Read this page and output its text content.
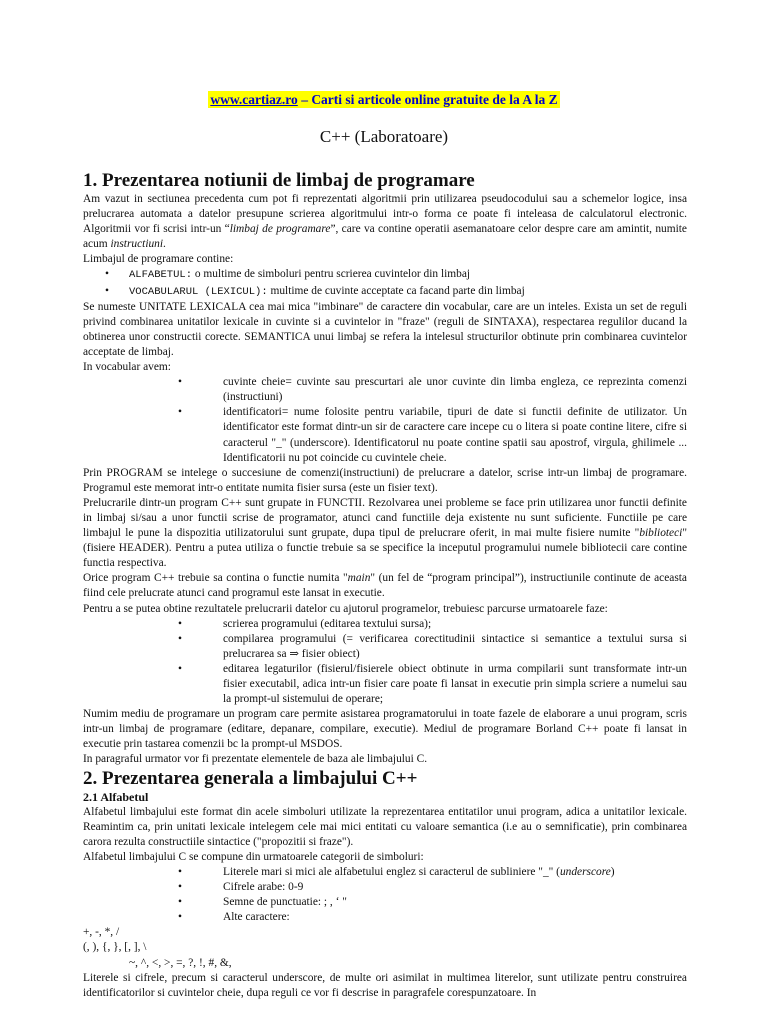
www.cartiaz.ro – Carti si articole online gratuite de la A la Z
C++ (Laboratoare)
1. Prezentarea notiunii de limbaj de programare

Am vazut in sectiunea precedenta cum pot fi reprezentati algoritmii prin utilizarea pseudocodului sau a schemelor logice, insa prelucrarea automata a datelor presupune scrierea algoritmului intr-o forma ce poate fi inteleasa de calculatorul electronic. Algoritmii vor fi scrisi intr-un “limbaj de programare”, care va contine operatii asemanatoare celor despre care am amintit, numite acum instructiuni.

Limbajul de programare contine:

• ALFABETUL: o multime de simboluri pentru scrierea cuvintelor din limbaj
• VOCABULARUL (LEXICUL): multime de cuvinte acceptate ca facand parte din limbaj

Se numeste UNITATE LEXICALA cea mai mica "imbinare" de caractere din vocabular, care are un inteles. Exista un set de reguli privind combinarea unitatilor lexicale in cuvinte si a cuvintelor in "fraze" (reguli de SINTAXA), respectarea regulilor ducand la obtinerea unor constructii corecte. SEMANTICA unui limbaj se refera la intelesul structurilor obtinute prin combinarea cuvintelor acceptate de limbaj.

In vocabular avem:

•	cuvinte cheie= cuvinte sau prescurtari ale unor cuvinte din limba engleza, ce reprezinta comenzi (instructiuni)
•	identificatori= nume folosite pentru variabile, tipuri de date si functii definite de utilizator. Un identificator este format dintr-un sir de caractere care incepe cu o litera si poate contine litere, cifre si caracterul "_" (underscore). Identificatorul nu poate contine spatii sau apostrof, virgula, ghilimele ... Identificatorii nu pot coincide cu cuvintele cheie.

Prin PROGRAM se intelege o succesiune de comenzi(instructiuni) de prelucrare a datelor, scrise intr-un limbaj de programare. Programul este memorat intr-o entitate numita fisier sursa (este un fisier text).

Prelucrarile dintr-un program C++ sunt grupate in FUNCTII. Rezolvarea unei probleme se face prin utilizarea unor functii definite in limbaj si/sau a unor functii scrise de programator, atunci cand functiile deja existente nu sunt suficiente. Functiile pe care limbajul le pune la dispozitia utilizatorului sunt grupate, dupa tipul de prelucrare oferit, in mai multe fisiere numite "biblioteci" (fisiere HEADER). Pentru a putea utiliza o functie trebuie sa se specifice la inceputul programului numele bibliotecii care contine functia respectiva.

Orice program C++ trebuie sa contina o functie numita "main" (un fel de “program principal”), instructiunile continute de aceasta fiind cele prelucrate atunci cand programul este lansat in executie.

Pentru a se putea obtine rezultatele prelucrarii datelor cu ajutorul programelor, trebuiesc parcurse urmatoarele faze:

•	scrierea programului (editarea textului sursa);
•	compilarea programului (= verificarea corectitudinii sintactice si semantice a textului sursa si prelucrarea sa ⇒ fisier obiect)
•	editarea legaturilor (fisierul/fisierele obiect obtinute in urma compilarii sunt transformate intr-un fisier executabil, adica intr-un fisier care poate fi lansat in executie prin simpla scriere a numelui sau la prompt-ul sistemului de operare;

Numim mediu de programare un program care permite asistarea programatorului in toate fazele de elaborare a unui program, scris intr-un limbaj de programare (editare, depanare, compilare, executie). Mediul de programare Borland C++ poate fi lansat in executie prin tastarea comenzii bc la prompt-ul MSDOS.

In paragraful urmator vor fi prezentate elementele de baza ale limbajului C.

2. Prezentarea generala a limbajului C++
2.1 Alfabetul

Alfabetul limbajului este format din acele simboluri utilizate la reprezentarea entitatilor unui program, adica a unitatilor lexicale. Reamintim ca, prin unitati lexicale intelegem cele mai mici entitati cu valoare semantica (i.e au o semnificatie), prin combinarea carora rezulta constructiile sintactice ("propozitii si fraze").

Alfabetul limbajului C se compune din urmatoarele categorii de simboluri:

•	Literele mari si mici ale alfabetului englez si caracterul de subliniere "_" (underscore)
•	Cifrele arabe: 0-9
•	Semne de punctuatie: ; , ‘ "
•	Alte caractere:
+, -, *, /
(, ), {, }, [, ], \
~, ^, <, >, =, ?, !, #, &,

Literele si cifrele, precum si caracterul underscore, de multe ori asimilat in multimea literelor, sunt utilizate pentru construirea identificatorilor si cuvintelor cheie, dupa reguli ce vor fi descrise in paragrafele corespunzatoare. In
